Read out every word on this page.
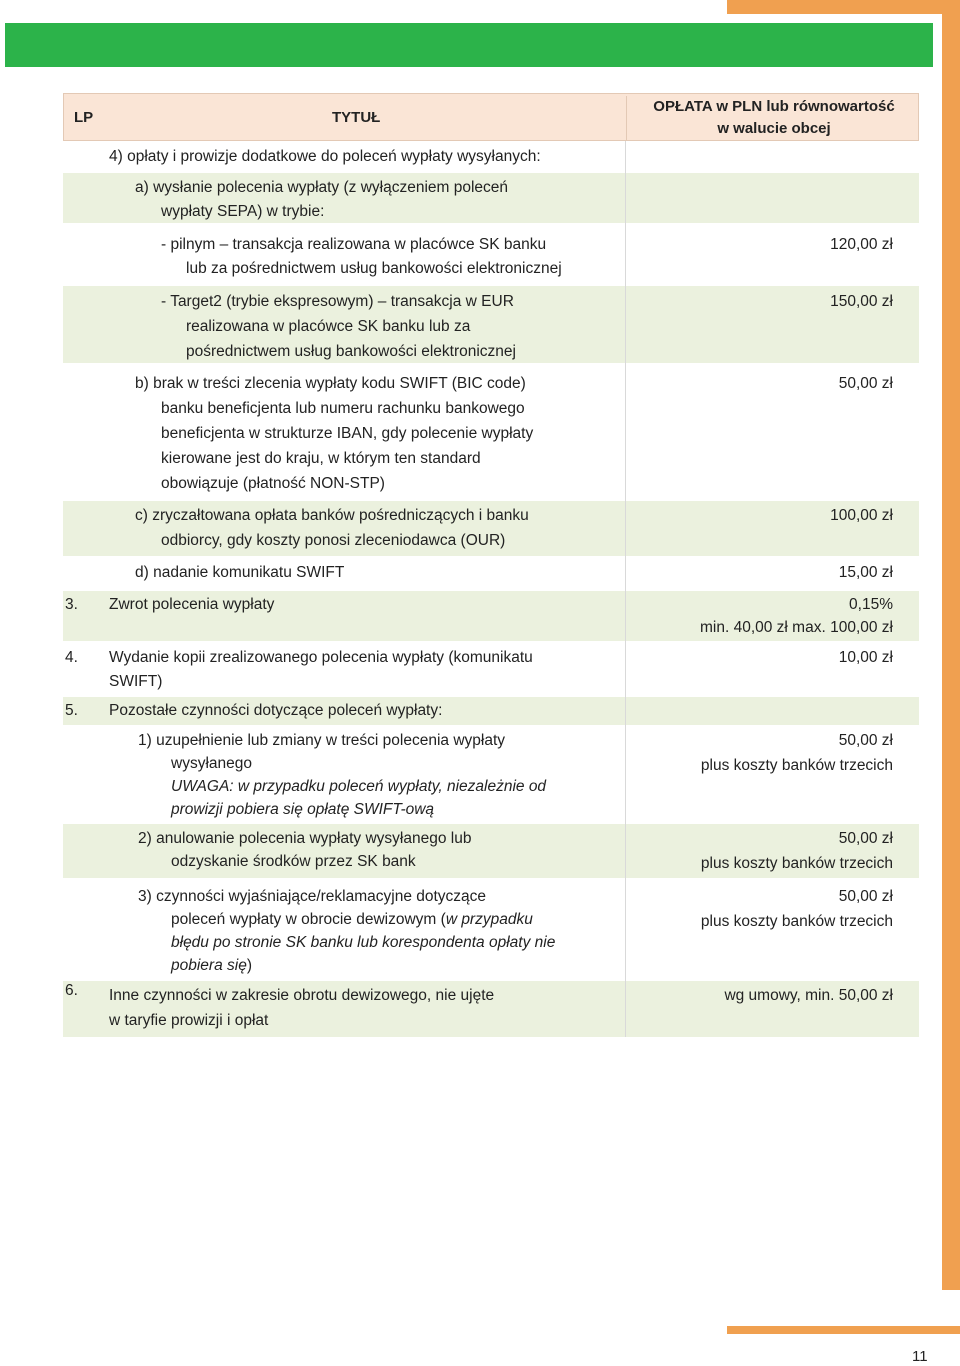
LP	TYTUŁ
OPŁATA w PLN lub równowartość
w walucie obcej
4) opłaty i prowizje dodatkowe do poleceń wypłaty wysyłanych:
a) wysłanie polecenia wypłaty (z wyłączeniem poleceń
wypłaty SEPA) w trybie:
‑ pilnym – transakcja realizowana w placówce SK banku
lub za pośrednictwem usług bankowości elektronicznej
120,00 zł
‑ Target2 (trybie ekspresowym) – transakcja w EUR
realizowana w placówce SK banku lub za
pośrednictwem usług bankowości elektronicznej
150,00 zł
b) brak w treści zlecenia wypłaty kodu SWIFT (BIC code)
banku beneficjenta lub numeru rachunku bankowego
beneficjenta w strukturze IBAN, gdy polecenie wypłaty
kierowane jest do kraju, w którym ten standard
obowiązuje (płatność NON-STP)
50,00 zł
c) zryczałtowana opłata banków pośredniczących i banku
odbiorcy, gdy koszty ponosi zleceniodawca (OUR)
100,00 zł
d) nadanie komunikatu SWIFT	15,00 zł
3. Zwrot polecenia wypłaty	0,15%
min. 40,00 zł max. 100,00 zł
4. Wydanie kopii zrealizowanego polecenia wypłaty (komunikatu
SWIFT)
10,00 zł
5. Pozostałe czynności dotyczące poleceń wypłaty:
1) uzupełnienie lub zmiany w treści polecenia wypłaty
wysyłanego
UWAGA: w przypadku poleceń wypłaty, niezależnie od
prowizji pobiera się opłatę SWIFT-ową
50,00 zł
plus koszty banków trzecich
2) anulowanie polecenia wypłaty wysyłanego lub
odzyskanie środków przez SK bank
50,00 zł
plus koszty banków trzecich
3) czynności wyjaśniające/reklamacyjne dotyczące
poleceń wypłaty w obrocie dewizowym (w przypadku
błędu po stronie SK banku lub korespondenta opłaty nie
pobiera się)
50,00 zł
plus koszty banków trzecich
6. Inne czynności w zakresie obrotu dewizowego, nie ujęte
w taryfie prowizji i opłat
wg umowy, min. 50,00 zł
11
